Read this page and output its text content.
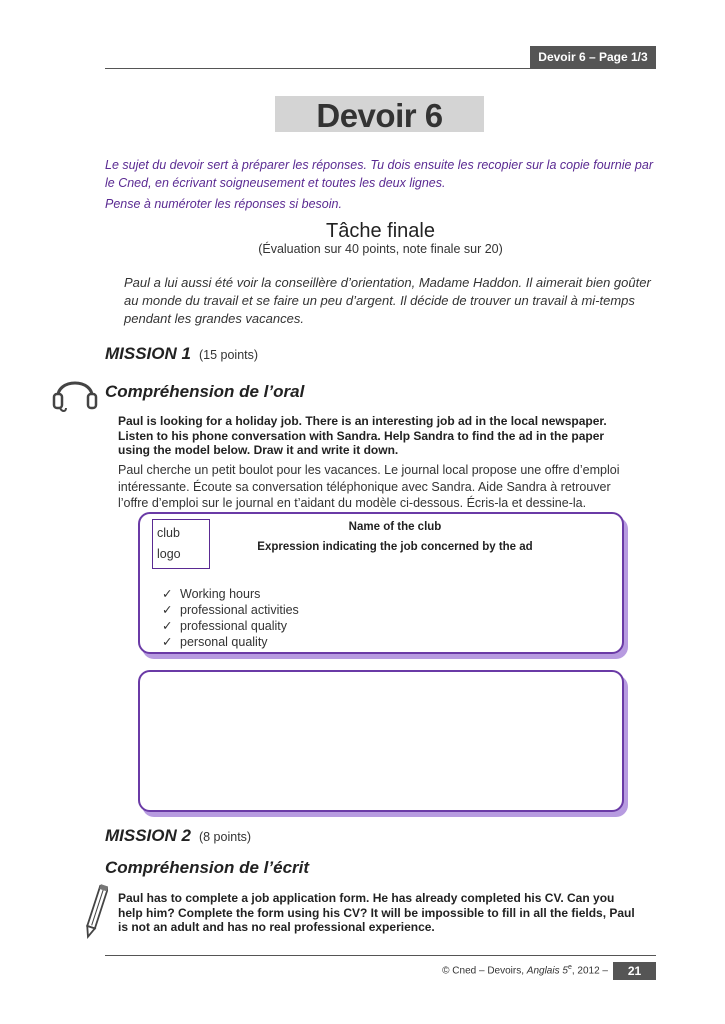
Devoir 6 – Page 1/3
Devoir 6
Le sujet du devoir sert à préparer les réponses. Tu dois ensuite les recopier sur la copie fournie par
le Cned, en écrivant soigneusement et toutes les deux lignes.
Pense à numéroter les réponses si besoin.
Tâche finale
(Évaluation sur 40 points, note finale sur 20)
Paul a lui aussi été voir la conseillère d’orientation, Madame Haddon. Il aimerait bien goûter
au monde du travail et se faire un peu d’argent. Il décide de trouver un travail à mi-temps
pendant les grandes vacances.
MISSION 1 (15 points)
Compréhension de l’oral
Paul is looking for a holiday job. There is an interesting job ad in the local newspaper.
Listen to his phone conversation with Sandra. Help Sandra to find the ad in the paper
using the model below. Draw it and write it down.
Paul cherche un petit boulot pour les vacances. Le journal local propose une offre d’emploi
intéressante. Écoute sa conversation téléphonique avec Sandra. Aide Sandra à retrouver
l’offre d’emploi sur le journal en t’aidant du modèle ci-dessous. Écris-la et dessine-la.
club
logo
Name of the club
Expression indicating the job concerned by the ad
✓ Working hours
✓ professional activities
✓ professional quality
✓ personal quality
MISSION 2 (8 points)
Compréhension de l’écrit
Paul has to complete a job application form. He has already completed his CV. Can you
help him? Complete the form using his CV? It will be impossible to fill in all the fields, Paul
is not an adult and has no real professional experience.
© Cned – Devoirs, Anglais 5e, 2012 –	21
